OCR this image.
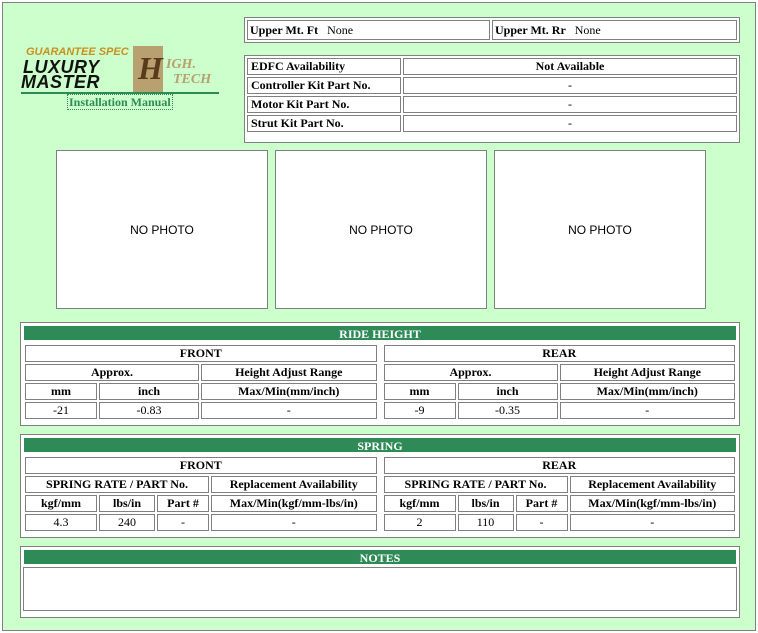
Upper Mt. Ft None	Upper Mt. Rr None
GUARANTEE SPEC
LUXURY
MASTER H IGH.
TECH
Installation Manual
EDFC Availability	Not Available
Controller Kit Part No.	-
Motor Kit Part No.	-
Strut Kit Part No.	-
NO PHOTO	NO PHOTO	NO PHOTO
RIDE HEIGHT
FRONT		
Approx.		Height Adjust Range
mm	inch	Max/Min(mm/inch)
-21	-0.83	-
REAR		
Approx.		Height Adjust Range
mm	inch	Max/Min(mm/inch)
-9	-0.35	-
SPRING
FRONT			
SPRING RATE / PART No.			Replacement Availability
kgf/mm	lbs/in	Part #	Max/Min(kgf/mm-lbs/in)
4.3	240	-	-
REAR			
SPRING RATE / PART No.			Replacement Availability
kgf/mm	lbs/in	Part #	Max/Min(kgf/mm-lbs/in)
2	110	-	-
NOTES
